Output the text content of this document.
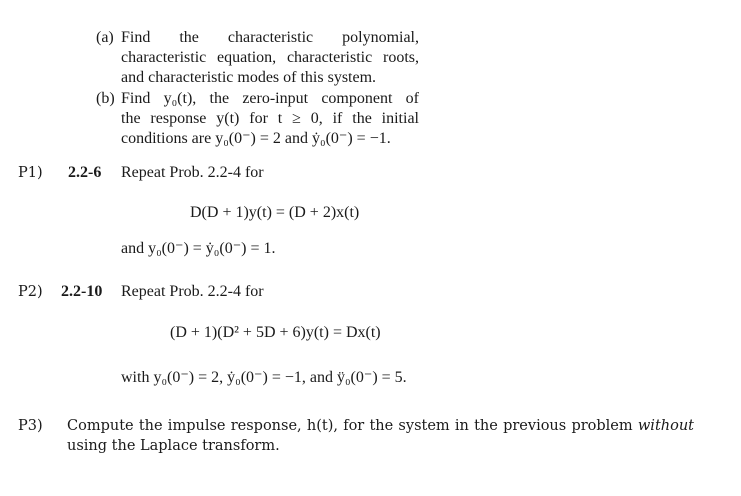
(a) Find the characteristic polynomial,
characteristic equation, characteristic roots,
and characteristic modes of this system.
(b) Find y₀(t), the zero-input component of
the response y(t) for t ≥ 0, if the initial
conditions are y₀(0⁻) = 2 and ẏ₀(0⁻) = −1.
P1) 2.2-6 Repeat Prob. 2.2-4 for
D(D + 1)y(t) = (D + 2)x(t)
and y₀(0⁻) = ẏ₀(0⁻) = 1.
P2) 2.2-10 Repeat Prob. 2.2-4 for
(D + 1)(D² + 5D + 6)y(t) = Dx(t)
with y₀(0⁻) = 2, ẏ₀(0⁻) = −1, and ÿ₀(0⁻) = 5.
P3) Compute the impulse response, h(t), for the system in the previous problem without
using the Laplace transform.
